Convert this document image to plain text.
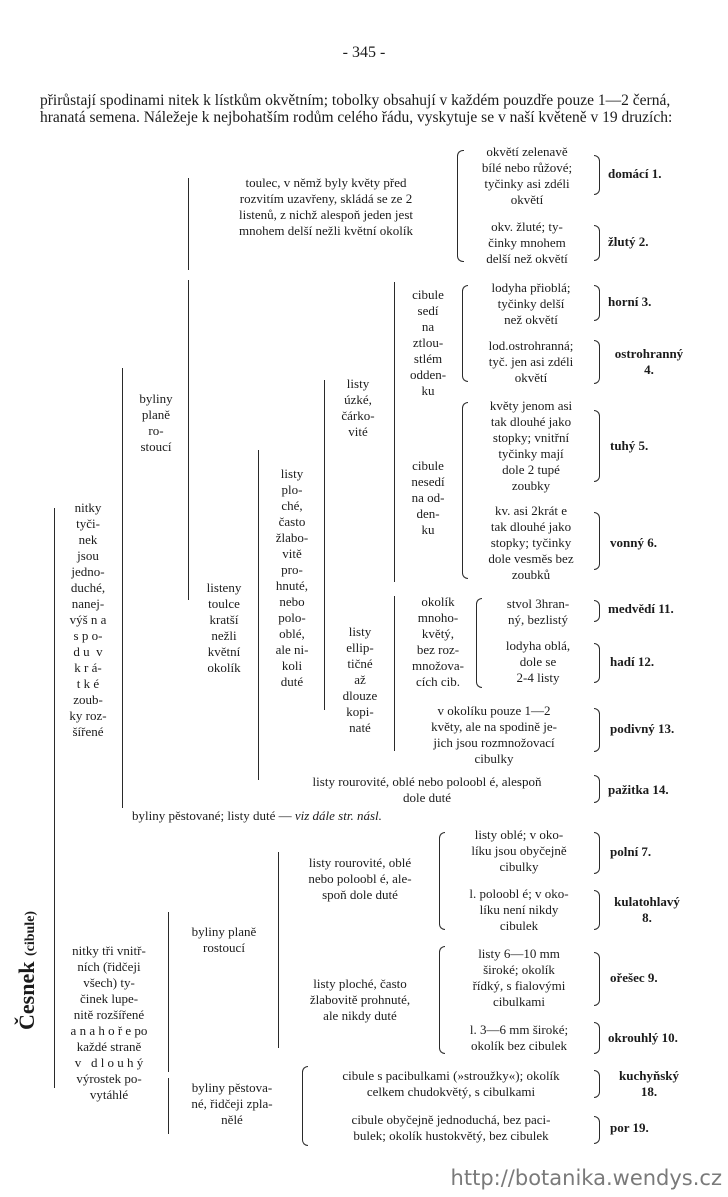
- 345 -
přirůstají spodinami nitek k lístkům okvětním; tobolky obsahují v každém pouzdře pouze 1—2 černá, hranatá semena. Náležeje k nejbohatším rodům celého řádu, vyskytuje se v naší květeně v 19 druzích:
Česnek (cibule)
nitky
tyči-
nek
jsou
jedno-
duché,
nanej-
výš n a
s p o-
d u  v
k r á-
t k é
zoub-
ky roz-
šířené
nitky tři vnitř-
ních (řidčeji
všech) ty-
činek lupe-
nitě rozšířené
a n a h o ř e po
každé straně
v   d l o u h ý
výrostek po-
vytáhlé
byliny
planě
ro-
stoucí
toulec, v němž byly květy před
rozvitím uzavřeny, skládá se ze 2
listenů, z nichž alespoň jeden jest
mnohem delší nežli květní okolík
okvětí zelenavě
bílé nebo růžové;
tyčinky asi zdéli
okvětí
domácí 1.
okv. žluté; ty-
činky mnohem
delší než okvětí
žlutý 2.
listeny
toulce
kratší
nežli
květní
okolík
listy
plo-
ché,
často
žlabo-
vitě
pro-
hnuté,
nebo
polo-
oblé,
ale ni-
koli
duté
listy
úzké,
čárko-
vité
cibule
sedí
na
ztlou-
stlém
odden-
ku
lodyha přioblá;
tyčinky delší
než okvětí
horní 3.
lod.ostrohranná;
tyč. jen asi zdéli
okvětí
ostrohranný
4.
cibule
nesedí
na od-
den-
ku
květy jenom asi
tak dlouhé jako
stopky; vnitřní
tyčinky mají
dole 2 tupé
zoubky
tuhý 5.
kv. asi 2krát e
tak dlouhé jako
stopky; tyčinky
dole vesměs bez
zoubků
vonný 6.
listy
ellip-
tičné
až
dlouze
kopi-
naté
okolík
mnoho-
květý,
bez roz-
množova-
cích cib.
stvol 3hran-
ný, bezlistý
medvědí 11.
lodyha oblá,
dole se
2-4 listy
hadí 12.
v okolíku pouze 1—2
květy, ale na spodině je-
jich jsou rozmnožovací
cibulky
podivný 13.
listy rourovité, oblé nebo poloobl é, alespoň
dole duté
pažitka 14.
byliny pěstované; listy duté — viz dále str. násl.
byliny planě
rostoucí
listy rourovité, oblé
nebo poloobl é, ale-
spoň dole duté
listy oblé; v oko-
líku jsou obyčejně
cibulky
polní 7.
l. poloobl é; v oko-
líku není nikdy
cibulek
kulatohlavý
8.
listy ploché, často
žlabovitě prohnuté,
ale nikdy duté
listy 6—10 mm
široké; okolík
řídký, s fialovými
cibulkami
ořešec 9.
l. 3—6 mm široké;
okolík bez cibulek
okrouhlý 10.
byliny pěstova-
né, řidčeji zpla-
nělé
cibule s pacibulkami (»stroužky«); okolík
celkem chudokvětý, s cibulkami
kuchyňský
18.
cibule obyčejně jednoduchá, bez paci-
bulek; okolík hustokvětý, bez cibulek
por 19.
http://botanika.wendys.cz
